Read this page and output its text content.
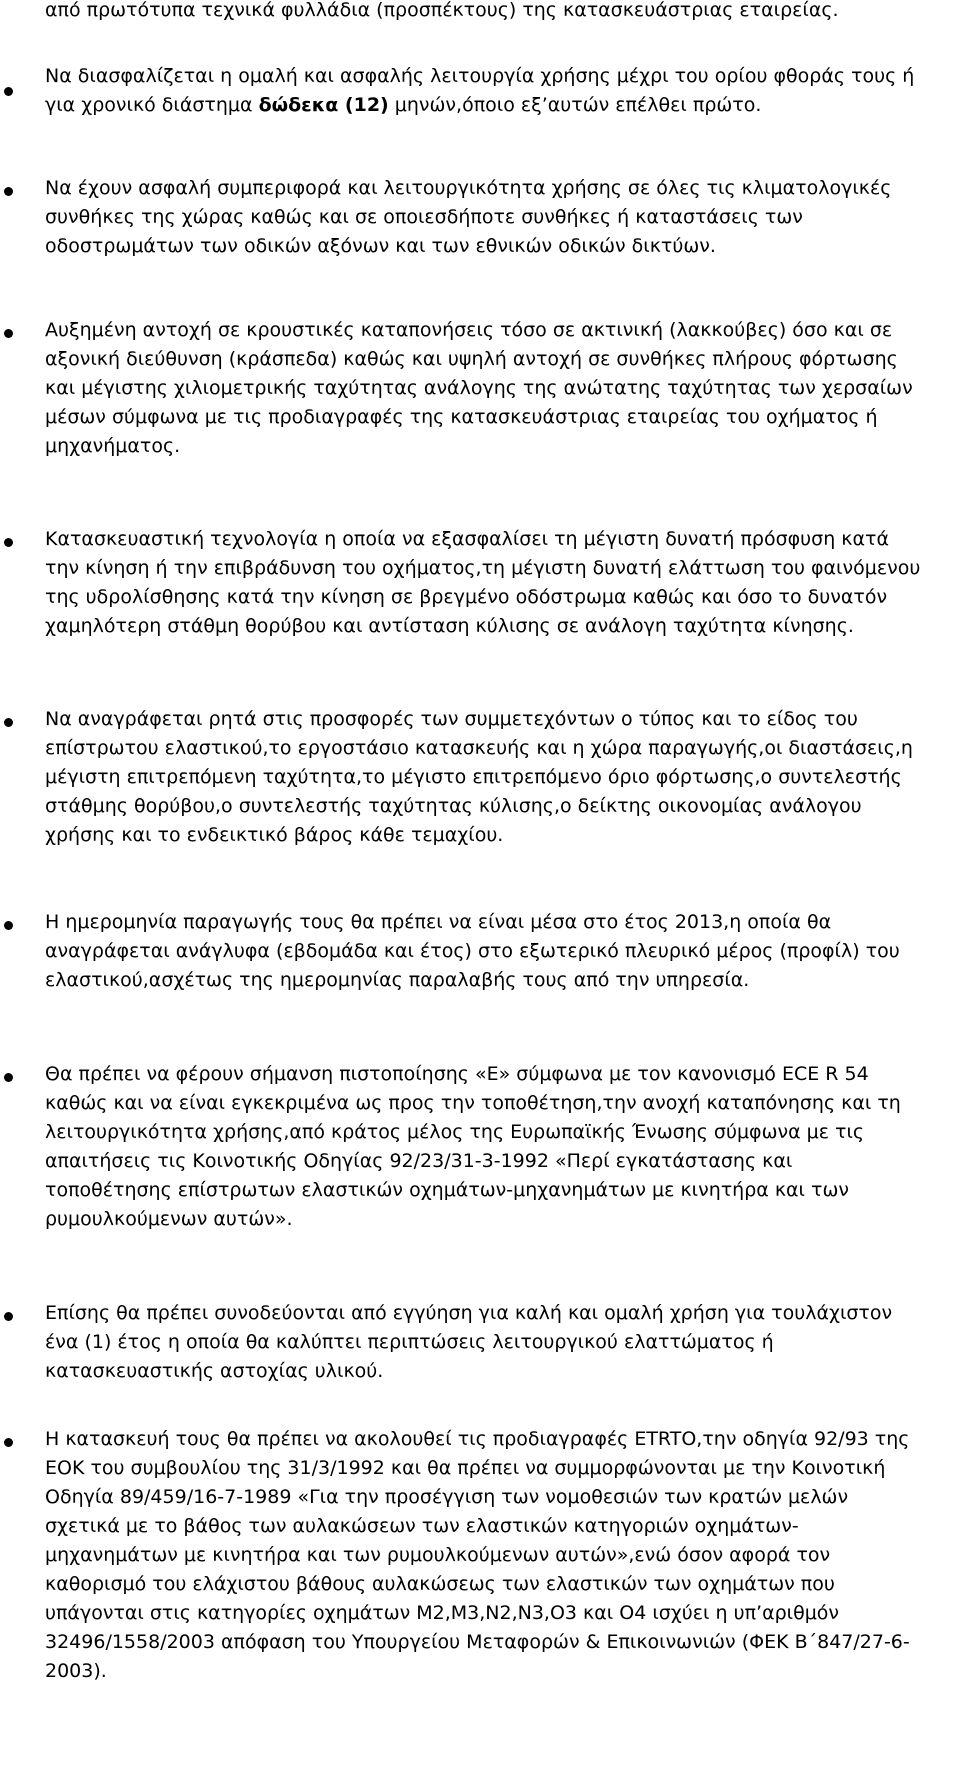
από πρωτότυπα τεχνικά φυλλάδια (προσπέκτους) της κατασκευάστριας εταιρείας.

Να διασφαλίζεται η ομαλή και ασφαλής λειτουργία χρήσης μέχρι του ορίου φθοράς τους ή για χρονικό διάστημα δώδεκα (12) μηνών,όποιο εξ’αυτών επέλθει πρώτο.

Να έχουν ασφαλή συμπεριφορά και λειτουργικότητα χρήσης σε όλες τις κλιματολογικές συνθήκες της χώρας καθώς και σε οποιεσδήποτε συνθήκες ή καταστάσεις των οδοστρωμάτων των οδικών αξόνων και των εθνικών οδικών δικτύων.

Αυξημένη αντοχή σε κρουστικές καταπονήσεις τόσο σε ακτινική (λακκούβες) όσο και σε αξονική διεύθυνση (κράσπεδα) καθώς και υψηλή αντοχή σε συνθήκες πλήρους φόρτωσης και μέγιστης χιλιομετρικής ταχύτητας ανάλογης της ανώτατης ταχύτητας των χερσαίων μέσων σύμφωνα με τις προδιαγραφές της κατασκευάστριας εταιρείας του οχήματος ή μηχανήματος.

Κατασκευαστική τεχνολογία η οποία να εξασφαλίσει τη μέγιστη δυνατή πρόσφυση κατά την κίνηση ή την επιβράδυνση του οχήματος,τη μέγιστη δυνατή ελάττωση του φαινόμενου της υδρολίσθησης κατά την κίνηση σε βρεγμένο οδόστρωμα καθώς και όσο το δυνατόν χαμηλότερη στάθμη θορύβου και αντίσταση κύλισης σε ανάλογη ταχύτητα κίνησης.

Να αναγράφεται ρητά στις προσφορές των συμμετεχόντων ο τύπος και το είδος του επίστρωτου ελαστικού,το εργοστάσιο κατασκευής και η χώρα παραγωγής,οι διαστάσεις,η μέγιστη επιτρεπόμενη ταχύτητα,το μέγιστο επιτρεπόμενο όριο φόρτωσης,ο συντελεστής στάθμης θορύβου,ο συντελεστής ταχύτητας κύλισης,ο δείκτης οικονομίας ανάλογου χρήσης και το ενδεικτικό βάρος κάθε τεμαχίου.

Η ημερομηνία παραγωγής τους θα πρέπει να είναι μέσα στο έτος 2013,η οποία θα αναγράφεται ανάγλυφα (εβδομάδα και έτος) στο εξωτερικό πλευρικό μέρος (προφίλ) του ελαστικού,ασχέτως της ημερομηνίας παραλαβής τους από την υπηρεσία.

Θα πρέπει να φέρουν σήμανση πιστοποίησης «E» σύμφωνα με τον κανονισμό ECE R 54 καθώς και να είναι εγκεκριμένα ως προς την τοποθέτηση,την ανοχή καταπόνησης και τη λειτουργικότητα χρήσης,από κράτος μέλος της Ευρωπαϊκής Ένωσης σύμφωνα με τις απαιτήσεις τις Κοινοτικής Οδηγίας 92/23/31-3-1992 «Περί εγκατάστασης και τοποθέτησης επίστρωτων ελαστικών οχημάτων-μηχανημάτων με κινητήρα και των ρυμουλκούμενων αυτών».

Επίσης θα πρέπει συνοδεύονται από εγγύηση για καλή και ομαλή χρήση για τουλάχιστον ένα (1) έτος η οποία θα καλύπτει περιπτώσεις λειτουργικού ελαττώματος ή κατασκευαστικής αστοχίας υλικού.

Η κατασκευή τους θα πρέπει να ακολουθεί τις προδιαγραφές ETRTO,την οδηγία 92/93 της ΕΟΚ του συμβουλίου της 31/3/1992 και θα πρέπει να συμμορφώνονται με την Κοινοτική Οδηγία 89/459/16-7-1989 «Για την προσέγγιση των νομοθεσιών των κρατών μελών σχετικά με το βάθος των αυλακώσεων των ελαστικών κατηγοριών οχημάτων-μηχανημάτων με κινητήρα και των ρυμουλκούμενων αυτών»,ενώ όσον αφορά τον καθορισμό του ελάχιστου βάθους αυλακώσεως των ελαστικών των οχημάτων που υπάγονται στις κατηγορίες οχημάτων M2,M3,N2,N3,O3 και O4 ισχύει η υπ’αριθμόν 32496/1558/2003 απόφαση του Υπουργείου Μεταφορών & Επικοινωνιών (ΦΕΚ Β΄847/27-6-2003).
